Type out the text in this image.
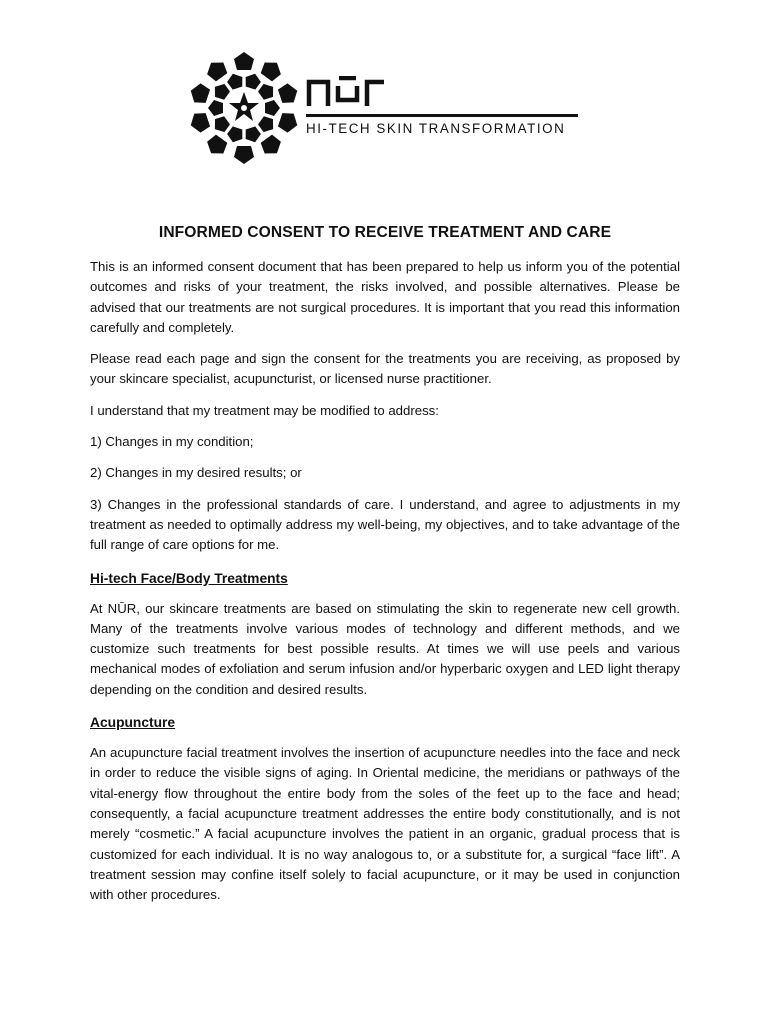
HI-TECH SKIN TRANSFORMATION
INFORMED CONSENT TO RECEIVE TREATMENT AND CARE

This is an informed consent document that has been prepared to help us inform you of the potential outcomes and risks of your treatment, the risks involved, and possible alternatives. Please be advised that our treatments are not surgical procedures. It is important that you read this information carefully and completely.

Please read each page and sign the consent for the treatments you are receiving, as proposed by your skincare specialist, acupuncturist, or licensed nurse practitioner.

I understand that my treatment may be modified to address:

1) Changes in my condition;

2) Changes in my desired results; or

3) Changes in the professional standards of care. I understand, and agree to adjustments in my treatment as needed to optimally address my well-being, my objectives, and to take advantage of the full range of care options for me.

Hi-tech Face/Body Treatments

At NŪR, our skincare treatments are based on stimulating the skin to regenerate new cell growth. Many of the treatments involve various modes of technology and different methods, and we customize such treatments for best possible results. At times we will use peels and various mechanical modes of exfoliation and serum infusion and/or hyperbaric oxygen and LED light therapy depending on the condition and desired results.

Acupuncture

An acupuncture facial treatment involves the insertion of acupuncture needles into the face and neck in order to reduce the visible signs of aging. In Oriental medicine, the meridians or pathways of the vital-energy flow throughout the entire body from the soles of the feet up to the face and head; consequently, a facial acupuncture treatment addresses the entire body constitutionally, and is not merely “cosmetic.” A facial acupuncture involves the patient in an organic, gradual process that is customized for each individual. It is no way analogous to, or a substitute for, a surgical “face lift”. A treatment session may confine itself solely to facial acupuncture, or it may be used in conjunction with other procedures.
